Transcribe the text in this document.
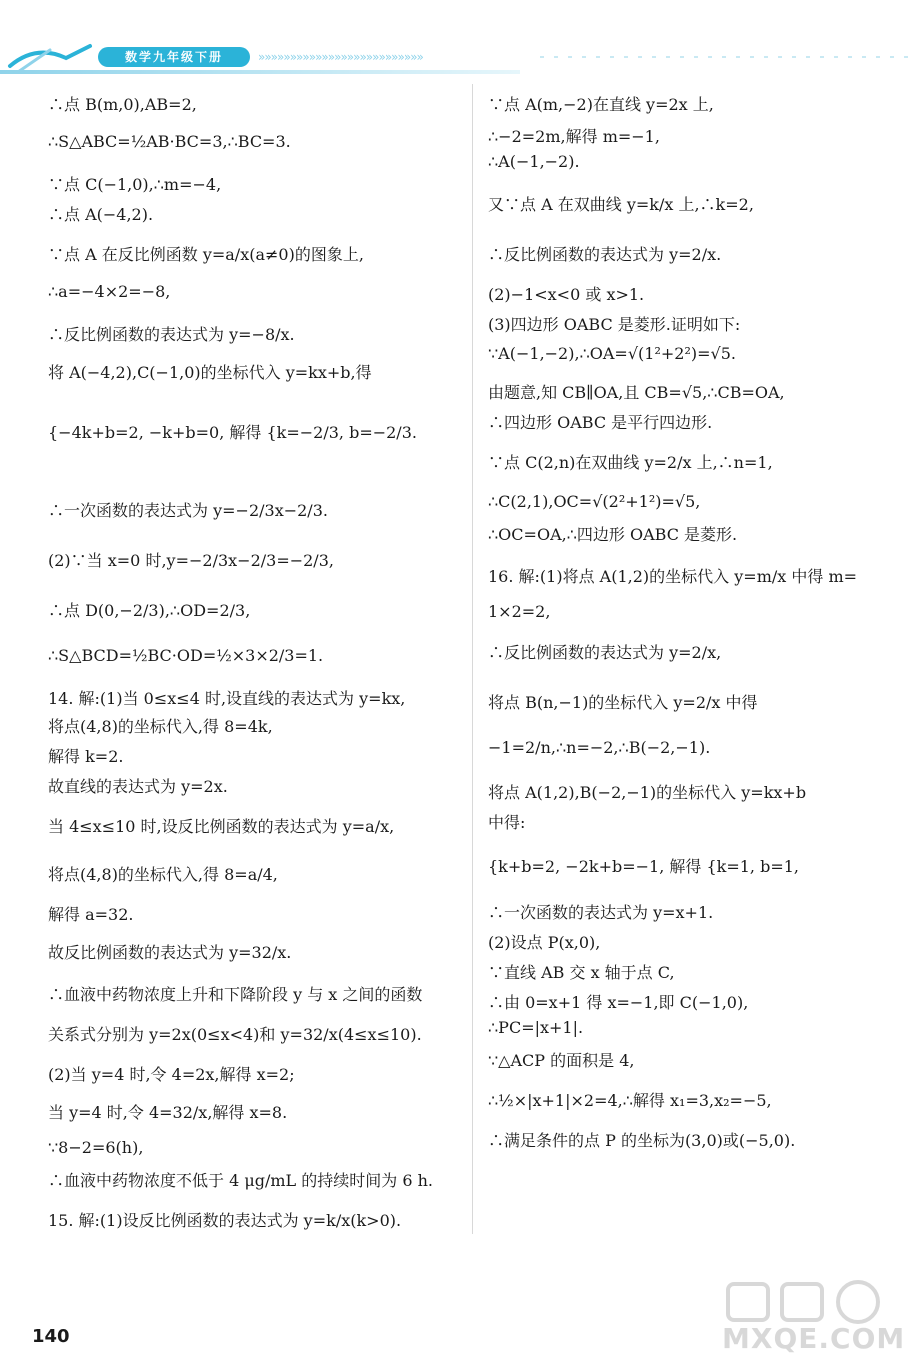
数学九年级下册	»»»»»»»»»»»»»»»»»»»»»»»»»»
∴点 B(m,0),AB=2,
∴S△ABC=½AB·BC=3,∴BC=3.
∵点 C(−1,0),∴m=−4,
∴点 A(−4,2).
∵点 A 在反比例函数 y=a/x(a≠0)的图象上,
∴a=−4×2=−8,
∴反比例函数的表达式为 y=−8/x.
将 A(−4,2),C(−1,0)的坐标代入 y=kx+b,得
{−4k+b=2, −k+b=0, 解得 {k=−2/3, b=−2/3.
∴一次函数的表达式为 y=−2/3x−2/3.
(2)∵当 x=0 时,y=−2/3x−2/3=−2/3,
∴点 D(0,−2/3),∴OD=2/3,
∴S△BCD=½BC·OD=½×3×2/3=1.
14. 解:(1)当 0≤x≤4 时,设直线的表达式为 y=kx,
将点(4,8)的坐标代入,得 8=4k,
解得 k=2.
故直线的表达式为 y=2x.
当 4≤x≤10 时,设反比例函数的表达式为 y=a/x,
将点(4,8)的坐标代入,得 8=a/4,
解得 a=32.
故反比例函数的表达式为 y=32/x.
∴血液中药物浓度上升和下降阶段 y 与 x 之间的函数
关系式分别为 y=2x(0≤x<4)和 y=32/x(4≤x≤10).
(2)当 y=4 时,令 4=2x,解得 x=2;
当 y=4 时,令 4=32/x,解得 x=8.
∵8−2=6(h),
∴血液中药物浓度不低于 4 μg/mL 的持续时间为 6 h.
15. 解:(1)设反比例函数的表达式为 y=k/x(k>0).
∵点 A(m,−2)在直线 y=2x 上,
∴−2=2m,解得 m=−1,
∴A(−1,−2).
又∵点 A 在双曲线 y=k/x 上,∴k=2,
∴反比例函数的表达式为 y=2/x.
(2)−1<x<0 或 x>1.
(3)四边形 OABC 是菱形.证明如下:
∵A(−1,−2),∴OA=√(1²+2²)=√5.
由题意,知 CB∥OA,且 CB=√5,∴CB=OA,
∴四边形 OABC 是平行四边形.
∵点 C(2,n)在双曲线 y=2/x 上,∴n=1,
∴C(2,1),OC=√(2²+1²)=√5,
∴OC=OA,∴四边形 OABC 是菱形.
16. 解:(1)将点 A(1,2)的坐标代入 y=m/x 中得 m=
1×2=2,
∴反比例函数的表达式为 y=2/x,
将点 B(n,−1)的坐标代入 y=2/x 中得
−1=2/n,∴n=−2,∴B(−2,−1).
将点 A(1,2),B(−2,−1)的坐标代入 y=kx+b
中得:
{k+b=2, −2k+b=−1, 解得 {k=1, b=1,
∴一次函数的表达式为 y=x+1.
(2)设点 P(x,0),
∵直线 AB 交 x 轴于点 C,
∴由 0=x+1 得 x=−1,即 C(−1,0),
∴PC=|x+1|.
∵△ACP 的面积是 4,
∴½×|x+1|×2=4,∴解得 x₁=3,x₂=−5,
∴满足条件的点 P 的坐标为(3,0)或(−5,0).
140	MXQE.COM
